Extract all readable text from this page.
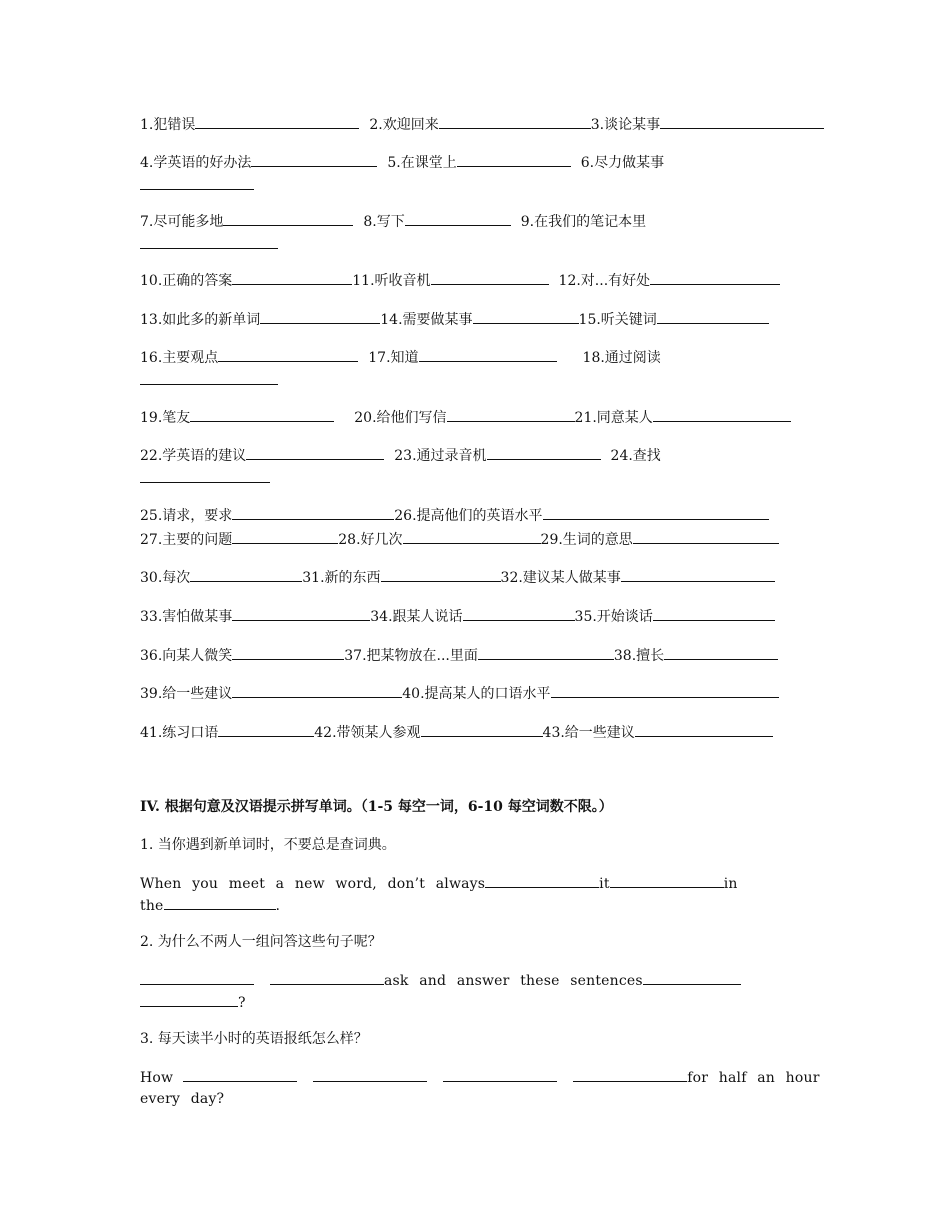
1.犯错误	2.欢迎回来	3.谈论某事
4.学英语的好办法	5.在课堂上	6.尽力做某事
7.尽可能多地	8.写下	9.在我们的笔记本里
10.正确的答案	11.听收音机	12.对...有好处
13.如此多的新单词	14.需要做某事	15.听关键词
16.主要观点	17.知道	18.通过阅读
19.笔友	20.给他们写信	21.同意某人
22.学英语的建议	23.通过录音机	24.查找
25.请求，要求	26.提高他们的英语水平
27.主要的问题	28.好几次	29.生词的意思
30.每次	31.新的东西	32.建议某人做某事
33.害怕做某事	34.跟某人说话	35.开始谈话
36.向某人微笑	37.把某物放在...里面	38.擅长
39.给一些建议	40.提高某人的口语水平
41.练习口语	42.带领某人参观	43.给一些建议
IV. 根据句意及汉语提示拼写单词。（1-5 每空一词，6-10 每空词数不限。）
1. 当你遇到新单词时，不要总是查词典。
When you meet a new word, don’t always	it	in
the	.
2. 为什么不两人一组问答这些句子呢？
ask and answer these sentences
?
3. 每天读半小时的英语报纸怎么样？
How	for half an hour
every day?
